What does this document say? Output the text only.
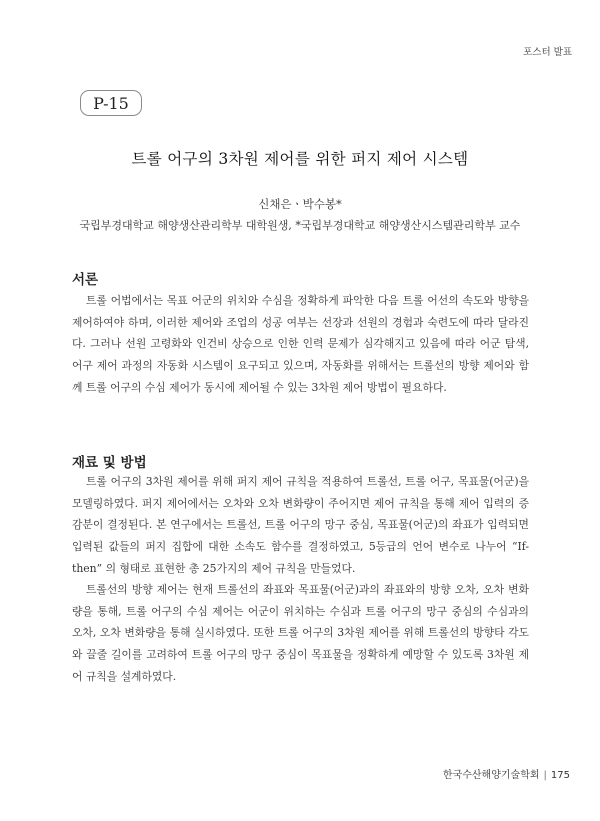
포스터 발표
P-15
트롤 어구의 3차원 제어를 위한 퍼지 제어 시스템
신채은ㆍ박수봉*
국립부경대학교 해양생산관리학부 대학원생, *국립부경대학교 해양생산시스템관리학부 교수
서론

트롤 어법에서는 목표 어군의 위치와 수심을 정확하게 파악한 다음 트롤 어선의 속도와 방향을 제어하여야 하며, 이러한 제어와 조업의 성공 여부는 선장과 선원의 경험과 숙련도에 따라 달라진다. 그러나 선원 고령화와 인건비 상승으로 인한 인력 문제가 심각해지고 있음에 따라 어군 탐색, 어구 제어 과정의 자동화 시스템이 요구되고 있으며, 자동화를 위해서는 트롤선의 방향 제어와 함께 트롤 어구의 수심 제어가 동시에 제어될 수 있는 3차원 제어 방법이 필요하다.

재료 및 방법

트롤 어구의 3차원 제어를 위해 퍼지 제어 규칙을 적용하여 트롤선, 트롤 어구, 목표물(어군)을 모델링하였다. 퍼지 제어에서는 오차와 오차 변화량이 주어지면 제어 규칙을 통해 제어 입력의 증감분이 결정된다. 본 연구에서는 트롤선, 트롤 어구의 망구 중심, 목표물(어군)의 좌표가 입력되면 입력된 값들의 퍼지 집합에 대한 소속도 함수를 결정하였고, 5등급의 언어 변수로 나누어 “If-then” 의 형태로 표현한 총 25가지의 제어 규칙을 만들었다.

트롤선의 방향 제어는 현재 트롤선의 좌표와 목표물(어군)과의 좌표와의 방향 오차, 오차 변화량을 통해, 트롤 어구의 수심 제어는 어군이 위치하는 수심과 트롤 어구의 망구 중심의 수심과의 오차, 오차 변화량을 통해 실시하였다. 또한 트롤 어구의 3차원 제어를 위해 트롤선의 방향타 각도와 끌줄 길이를 고려하여 트롤 어구의 망구 중심이 목표물을 정확하게 예망할 수 있도록 3차원 제어 규칙을 설계하였다.

한국수산해양기술학회 | 175
